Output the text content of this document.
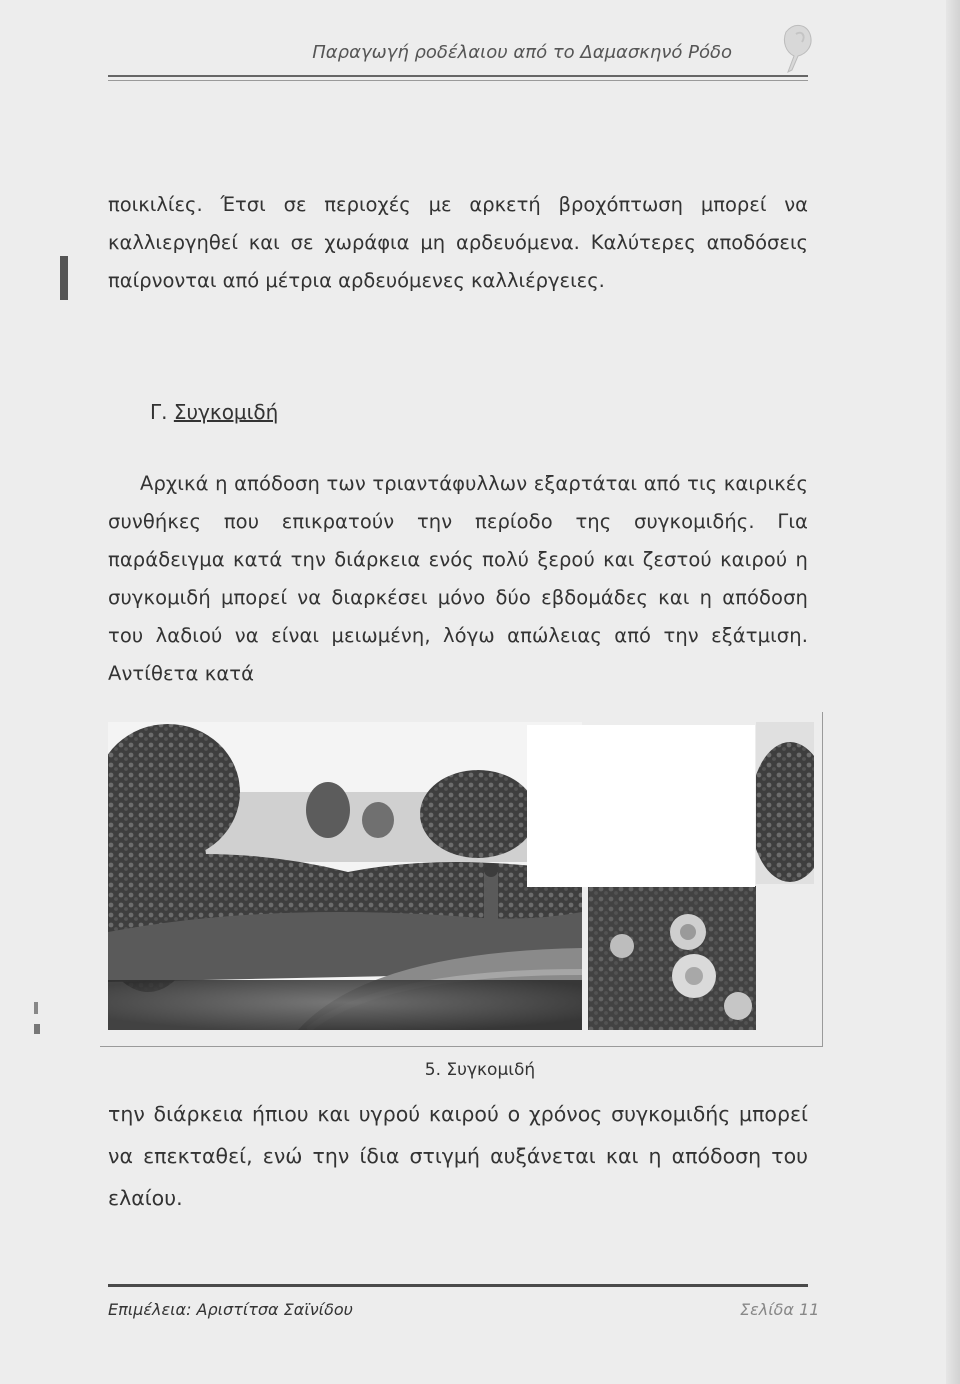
Παραγωγή ροδέλαιου από το Δαμασκηνό Ρόδο
ποικιλίες. Έτσι σε περιοχές με αρκετή βροχόπτωση μπορεί να καλλιεργηθεί και σε χωράφια μη αρδευόμενα. Καλύτερες αποδόσεις παίρνονται από μέτρια αρδευόμενες καλλιέργειες.
Γ. Συγκομιδή
Αρχικά η απόδοση των τριαντάφυλλων εξαρτάται από τις καιρικές συνθήκες που επικρατούν την περίοδο της συγκομιδής. Για παράδειγμα κατά την διάρκεια ενός πολύ ξερού και ζεστού καιρού η συγκομιδή μπορεί να διαρκέσει μόνο δύο εβδομάδες και η απόδοση του λαδιού να είναι μειωμένη, λόγω απώλειας από την εξάτμιση. Αντίθετα κατά
5. Συγκομιδή
την διάρκεια ήπιου και υγρού καιρού ο χρόνος συγκομιδής μπορεί να επεκταθεί, ενώ την ίδια στιγμή αυξάνεται και η απόδοση του ελαίου.
Επιμέλεια: Αριστίτσα Σαϊνίδου	Σελίδα 11
